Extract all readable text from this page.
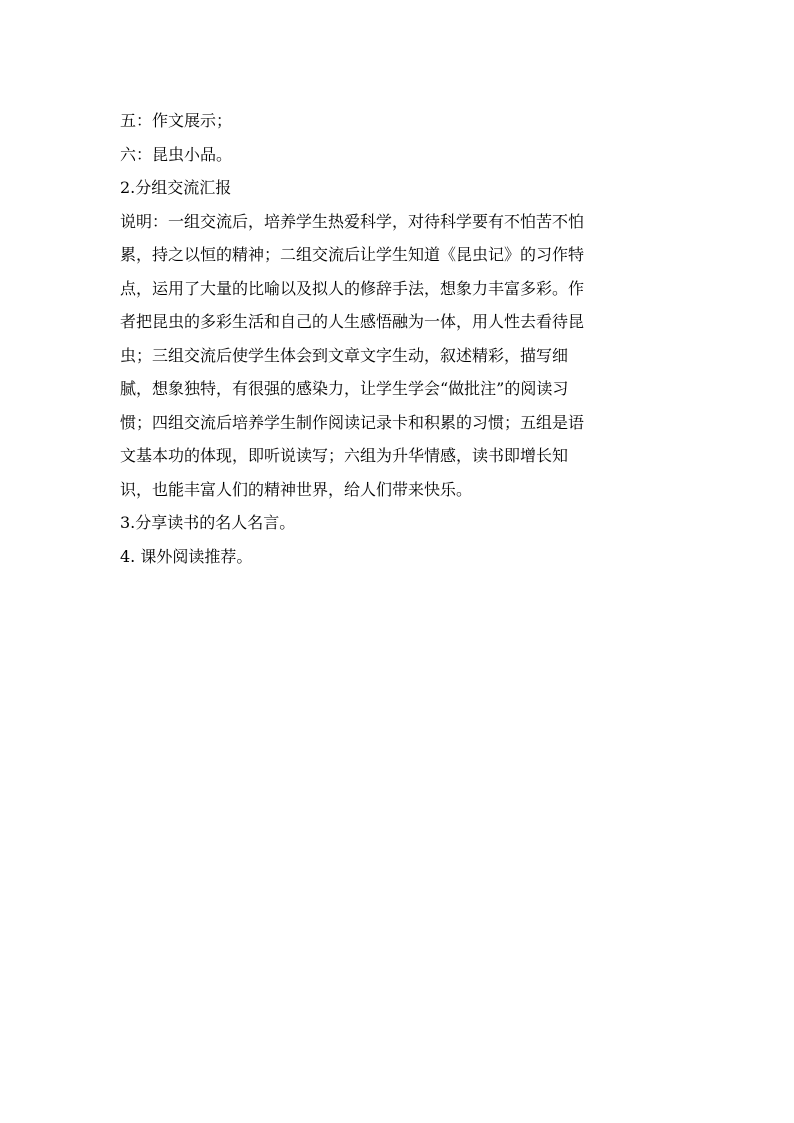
五：作文展示；

六：昆虫小品。

2.分组交流汇报

说明：一组交流后，培养学生热爱科学，对待科学要有不怕苦不怕

累，持之以恒的精神；二组交流后让学生知道《昆虫记》的习作特

点，运用了大量的比喻以及拟人的修辞手法，想象力丰富多彩。作

者把昆虫的多彩生活和自己的人生感悟融为一体，用人性去看待昆

虫；三组交流后使学生体会到文章文字生动，叙述精彩，描写细

腻，想象独特，有很强的感染力，让学生学会“做批注”的阅读习

惯；四组交流后培养学生制作阅读记录卡和积累的习惯；五组是语

文基本功的体现，即听说读写；六组为升华情感，读书即增长知

识，也能丰富人们的精神世界，给人们带来快乐。

3.分享读书的名人名言。

4. 课外阅读推荐。
